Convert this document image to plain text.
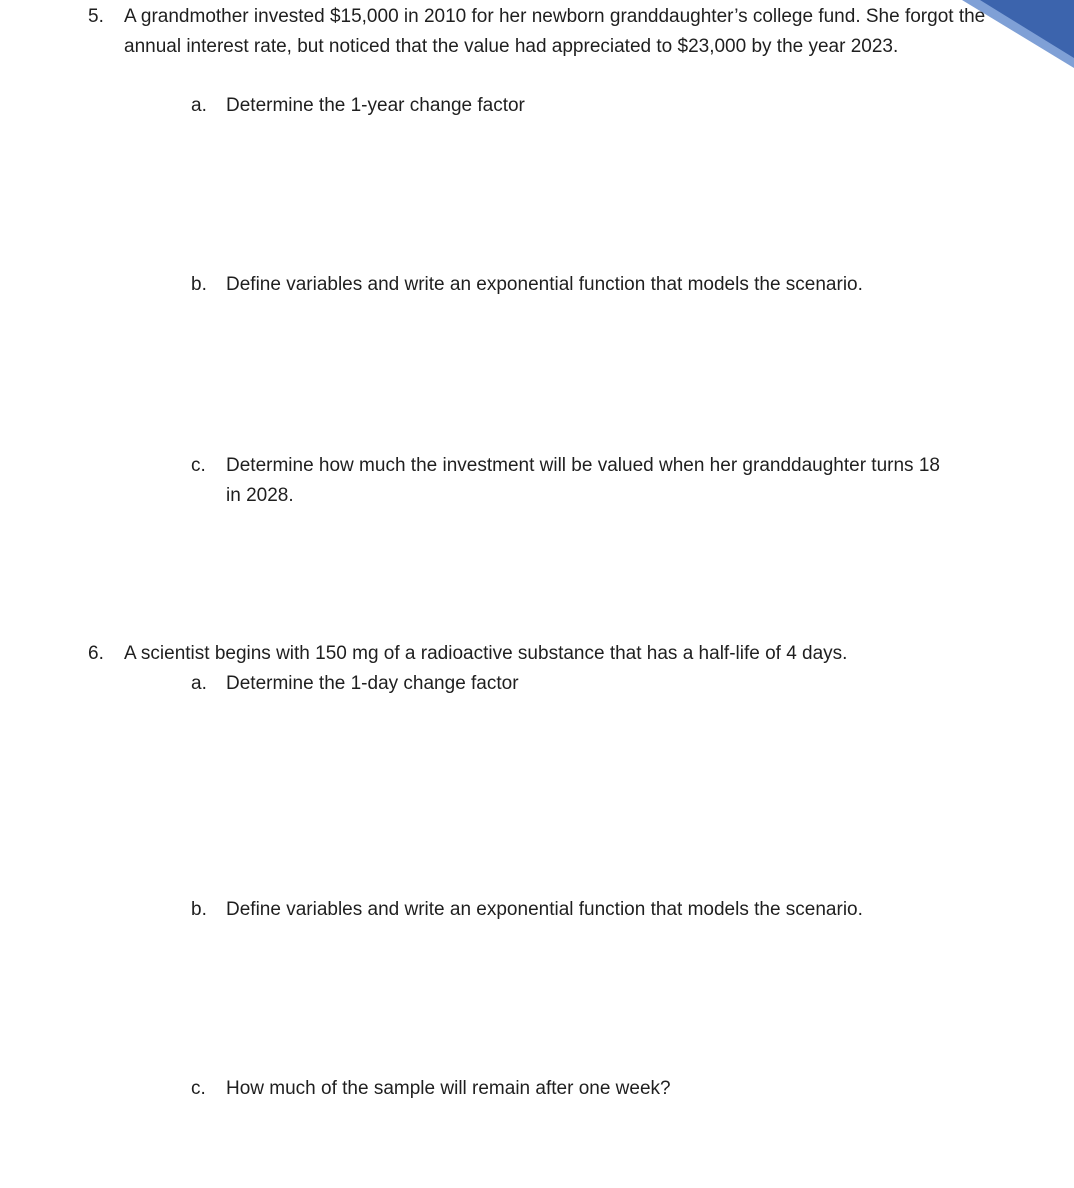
5. A grandmother invested $15,000 in 2010 for her newborn granddaughter’s college fund. She forgot the annual interest rate, but noticed that the value had appreciated to $23,000 by the year 2023.
a. Determine the 1-year change factor
b. Define variables and write an exponential function that models the scenario.
c. Determine how much the investment will be valued when her granddaughter turns 18 in 2028.
6. A scientist begins with 150 mg of a radioactive substance that has a half-life of 4 days.
a. Determine the 1-day change factor
b. Define variables and write an exponential function that models the scenario.
c. How much of the sample will remain after one week?
